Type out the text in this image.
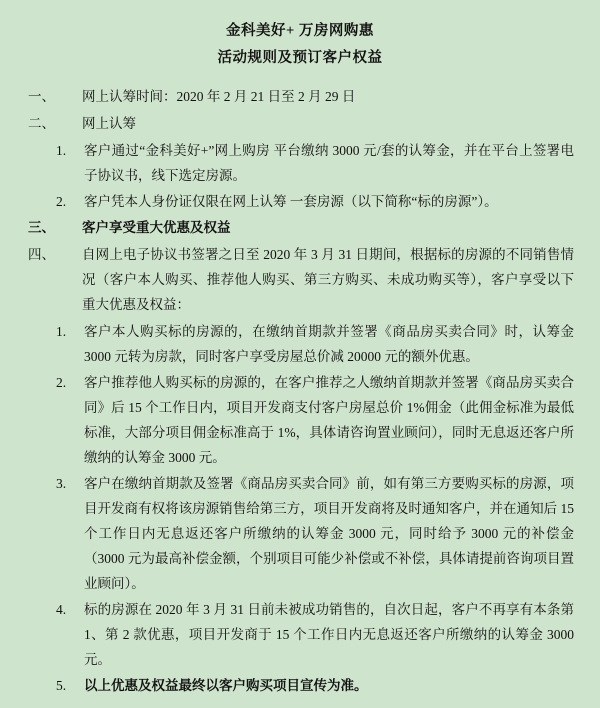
金科美好+ 万房网购惠
活动规则及预订客户权益
一、	网上认筹时间：2020 年 2 月 21 日至 2 月 29 日
二、	网上认筹
1.	客户通过“金科美好+”网上购房 平台缴纳 3000 元/套的认筹金，并在平台上签署电子协议书，线下选定房源。
2.	客户凭本人身份证仅限在网上认筹 一套房源（以下简称“标的房源”）。
三、	客户享受重大优惠及权益
四、	自网上电子协议书签署之日至 2020 年 3 月 31 日期间，根据标的房源的不同销售情况（客户本人购买、推荐他人购买、第三方购买、未成功购买等），客户享受以下重大优惠及权益：
1.	客户本人购买标的房源的，在缴纳首期款并签署《商品房买卖合同》时，认筹金 3000 元转为房款，同时客户享受房屋总价减 20000 元的额外优惠。
2.	客户推荐他人购买标的房源的，在客户推荐之人缴纳首期款并签署《商品房买卖合同》后 15 个工作日内，项目开发商支付客户房屋总价 1%佣金（此佣金标准为最低标准，大部分项目佣金标准高于 1%，具体请咨询置业顾问），同时无息返还客户所缴纳的认筹金 3000 元。
3.	客户在缴纳首期款及签署《商品房买卖合同》前，如有第三方要购买标的房源，项目开发商有权将该房源销售给第三方，项目开发商将及时通知客户，并在通知后 15 个工作日内无息返还客户所缴纳的认筹金 3000 元，同时给予 3000 元的补偿金（3000 元为最高补偿金额，个别项目可能少补偿或不补偿，具体请提前咨询项目置业顾问）。
4.	标的房源在 2020 年 3 月 31 日前未被成功销售的，自次日起，客户不再享有本条第 1、第 2 款优惠，项目开发商于 15 个工作日内无息返还客户所缴纳的认筹金 3000 元。
5.	以上优惠及权益最终以客户购买项目宣传为准。
